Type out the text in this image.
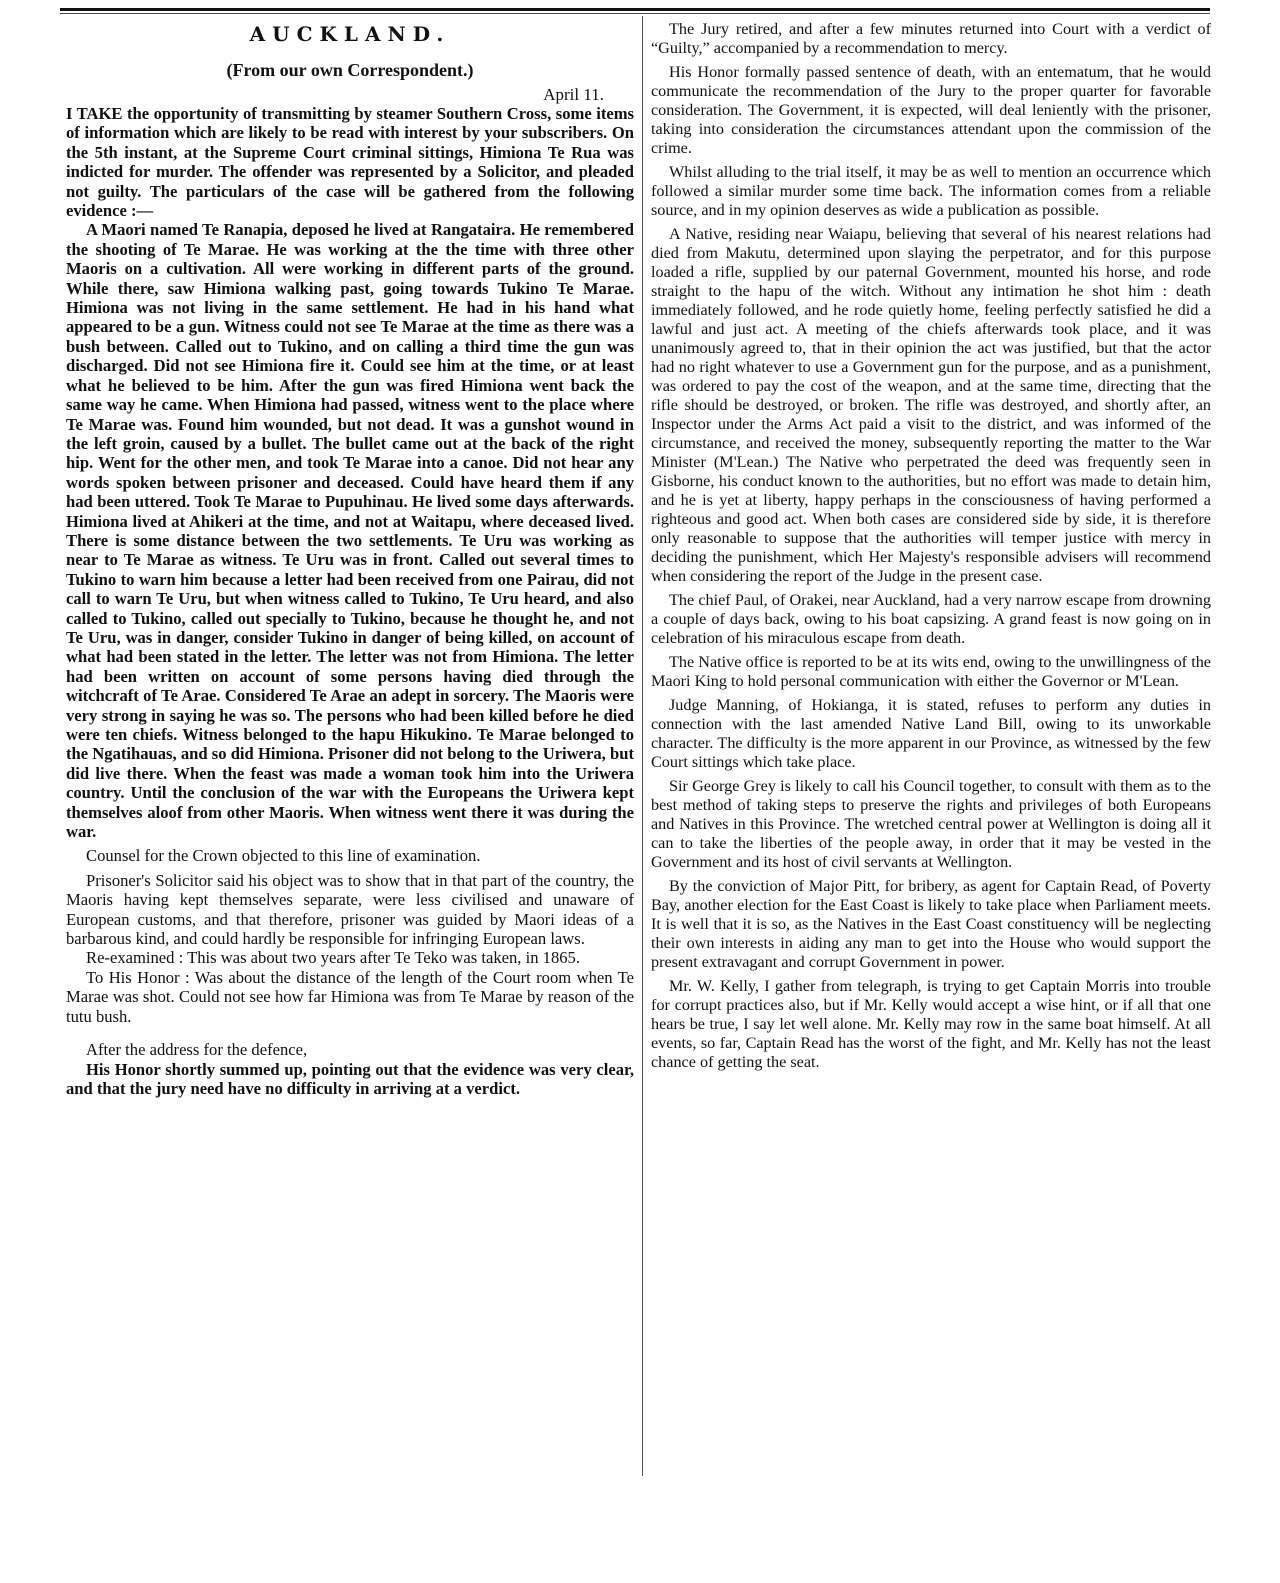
AUCKLAND.
(From our own Correspondent.)
April 11.

I TAKE the opportunity of transmitting by steamer Southern Cross, some items of information which are likely to be read with interest by your subscribers. On the 5th instant, at the Supreme Court criminal sittings, Himiona Te Rua was indicted for murder. The offender was represented by a Solicitor, and pleaded not guilty. The particulars of the case will be gathered from the following evidence :—

A Maori named Te Ranapia, deposed he lived at Rangataira. He remembered the shooting of Te Marae. He was working at the the time with three other Maoris on a cultivation. All were working in different parts of the ground. While there, saw Himiona walking past, going towards Tukino Te Marae. Himiona was not living in the same settlement. He had in his hand what appeared to be a gun. Witness could not see Te Marae at the time as there was a bush between. Called out to Tukino, and on calling a third time the gun was discharged. Did not see Himiona fire it. Could see him at the time, or at least what he believed to be him. After the gun was fired Himiona went back the same way he came. When Himiona had passed, witness went to the place where Te Marae was. Found him wounded, but not dead. It was a gunshot wound in the left groin, caused by a bullet. The bullet came out at the back of the right hip. Went for the other men, and took Te Marae into a canoe. Did not hear any words spoken between prisoner and deceased. Could have heard them if any had been uttered. Took Te Marae to Pupuhinau. He lived some days afterwards. Himiona lived at Ahikeri at the time, and not at Waitapu, where deceased lived. There is some distance between the two settlements. Te Uru was working as near to Te Marae as witness. Te Uru was in front. Called out several times to Tukino to warn him because a letter had been received from one Pairau, did not call to warn Te Uru, but when witness called to Tukino, Te Uru heard, and also called to Tukino, called out specially to Tukino, because he thought he, and not Te Uru, was in danger, consider Tukino in danger of being killed, on account of what had been stated in the letter. The letter was not from Himiona. The letter had been written on account of some persons having died through the witchcraft of Te Arae. Considered Te Arae an adept in sorcery. The Maoris were very strong in saying he was so. The persons who had been killed before he died were ten chiefs. Witness belonged to the hapu Hikukino. Te Marae belonged to the Ngatihauas, and so did Himiona. Prisoner did not belong to the Uriwera, but did live there. When the feast was made a woman took him into the Uriwera country. Until the conclusion of the war with the Europeans the Uriwera kept themselves aloof from other Maoris. When witness went there it was during the war.

Counsel for the Crown objected to this line of examination.

Prisoner's Solicitor said his object was to show that in that part of the country, the Maoris having kept themselves separate, were less civilised and unaware of European customs, and that therefore, prisoner was guided by Maori ideas of a barbarous kind, and could hardly be responsible for infringing European laws.

Re-examined : This was about two years after Te Teko was taken, in 1865.

To His Honor : Was about the distance of the length of the Court room when Te Marae was shot. Could not see how far Himiona was from Te Marae by reason of the tutu bush.

After the address for the defence,

His Honor shortly summed up, pointing out that the evidence was very clear, and that the jury need have no difficulty in arriving at a verdict.

The Jury retired, and after a few minutes returned into Court with a verdict of “Guilty,” accompanied by a recommendation to mercy.

His Honor formally passed sentence of death, with an entematum, that he would communicate the recommendation of the Jury to the proper quarter for favorable consideration. The Government, it is expected, will deal leniently with the prisoner, taking into consideration the circumstances attendant upon the commission of the crime.

Whilst alluding to the trial itself, it may be as well to mention an occurrence which followed a similar murder some time back. The information comes from a reliable source, and in my opinion deserves as wide a publication as possible.

A Native, residing near Waiapu, believing that several of his nearest relations had died from Makutu, determined upon slaying the perpetrator, and for this purpose loaded a rifle, supplied by our paternal Government, mounted his horse, and rode straight to the hapu of the witch. Without any intimation he shot him : death immediately followed, and he rode quietly home, feeling perfectly satisfied he did a lawful and just act. A meeting of the chiefs afterwards took place, and it was unanimously agreed to, that in their opinion the act was justified, but that the actor had no right whatever to use a Government gun for the purpose, and as a punishment, was ordered to pay the cost of the weapon, and at the same time, directing that the rifle should be destroyed, or broken. The rifle was destroyed, and shortly after, an Inspector under the Arms Act paid a visit to the district, and was informed of the circumstance, and received the money, subsequently reporting the matter to the War Minister (M'Lean.) The Native who perpetrated the deed was frequently seen in Gisborne, his conduct known to the authorities, but no effort was made to detain him, and he is yet at liberty, happy perhaps in the consciousness of having performed a righteous and good act. When both cases are considered side by side, it is therefore only reasonable to suppose that the authorities will temper justice with mercy in deciding the punishment, which Her Majesty's responsible advisers will recommend when considering the report of the Judge in the present case.

The chief Paul, of Orakei, near Auckland, had a very narrow escape from drowning a couple of days back, owing to his boat capsizing. A grand feast is now going on in celebration of his miraculous escape from death.

The Native office is reported to be at its wits end, owing to the unwillingness of the Maori King to hold personal communication with either the Governor or M'Lean.

Judge Manning, of Hokianga, it is stated, refuses to perform any duties in connection with the last amended Native Land Bill, owing to its unworkable character. The difficulty is the more apparent in our Province, as witnessed by the few Court sittings which take place.

Sir George Grey is likely to call his Council together, to consult with them as to the best method of taking steps to preserve the rights and privileges of both Europeans and Natives in this Province. The wretched central power at Wellington is doing all it can to take the liberties of the people away, in order that it may be vested in the Government and its host of civil servants at Wellington.

By the conviction of Major Pitt, for bribery, as agent for Captain Read, of Poverty Bay, another election for the East Coast is likely to take place when Parliament meets. It is well that it is so, as the Natives in the East Coast constituency will be neglecting their own interests in aiding any man to get into the House who would support the present extravagant and corrupt Government in power.

Mr. W. Kelly, I gather from telegraph, is trying to get Captain Morris into trouble for corrupt practices also, but if Mr. Kelly would accept a wise hint, or if all that one hears be true, I say let well alone. Mr. Kelly may row in the same boat himself. At all events, so far, Captain Read has the worst of the fight, and Mr. Kelly has not the least chance of getting the seat.
